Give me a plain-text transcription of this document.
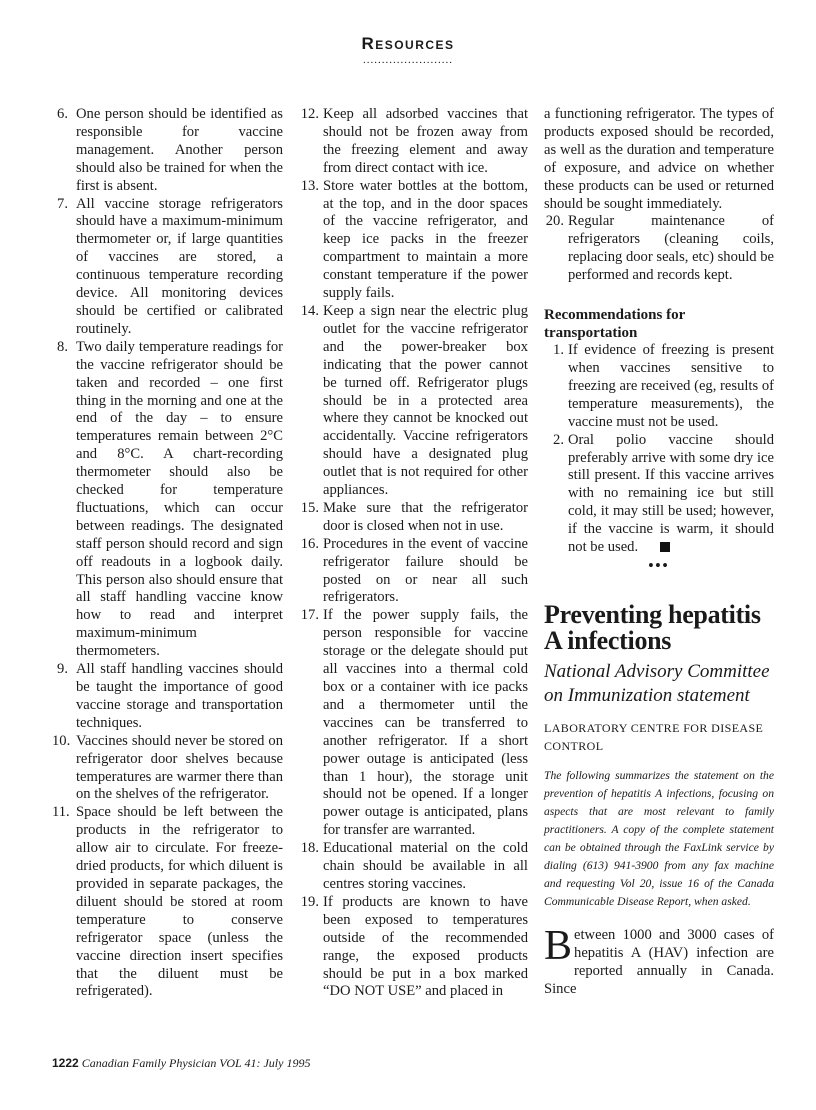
Resources
........................
6. One person should be identified as responsible for vaccine management. Another person should also be trained for when the first is absent.
7. All vaccine storage refrigerators should have a maximum-minimum thermometer or, if large quantities of vaccines are stored, a continuous temperature recording device. All monitoring devices should be certified or calibrated routinely.
8. Two daily temperature readings for the vaccine refrigerator should be taken and recorded – one first thing in the morning and one at the end of the day – to ensure temperatures remain between 2°C and 8°C. A chart-recording thermometer should also be checked for temperature fluctuations, which can occur between readings. The designated staff person should record and sign off readouts in a logbook daily. This person also should ensure that all staff handling vaccine know how to read and interpret maximum-minimum thermometers.
9. All staff handling vaccines should be taught the importance of good vaccine storage and transportation techniques.
10. Vaccines should never be stored on refrigerator door shelves because temperatures are warmer there than on the shelves of the refrigerator.
11. Space should be left between the products in the refrigerator to allow air to circulate. For freeze-dried products, for which diluent is provided in separate packages, the diluent should be stored at room temperature to conserve refrigerator space (unless the vaccine direction insert specifies that the diluent must be refrigerated).
12. Keep all adsorbed vaccines that should not be frozen away from the freezing element and away from direct contact with ice.
13. Store water bottles at the bottom, at the top, and in the door spaces of the vaccine refrigerator, and keep ice packs in the freezer compartment to maintain a more constant temperature if the power supply fails.
14. Keep a sign near the electric plug outlet for the vaccine refrigerator and the power-breaker box indicating that the power cannot be turned off. Refrigerator plugs should be in a protected area where they cannot be knocked out accidentally. Vaccine refrigerators should have a designated plug outlet that is not required for other appliances.
15. Make sure that the refrigerator door is closed when not in use.
16. Procedures in the event of vaccine refrigerator failure should be posted on or near all such refrigerators.
17. If the power supply fails, the person responsible for vaccine storage or the delegate should put all vaccines into a thermal cold box or a container with ice packs and a thermometer until the vaccines can be transferred to another refrigerator. If a short power outage is anticipated (less than 1 hour), the storage unit should not be opened. If a longer power outage is anticipated, plans for transfer are warranted.
18. Educational material on the cold chain should be available in all centres storing vaccines.
19. If products are known to have been exposed to temperatures outside of the recommended range, the exposed products should be put in a box marked “DO NOT USE” and placed in
a functioning refrigerator. The types of products exposed should be recorded, as well as the duration and temperature of exposure, and advice on whether these products can be used or returned should be sought immediately.
20. Regular maintenance of refrigerators (cleaning coils, replacing door seals, etc) should be performed and records kept.
Recommendations for transportation
1. If evidence of freezing is present when vaccines sensitive to freezing are received (eg, results of temperature measurements), the vaccine must not be used.
2. Oral polio vaccine should preferably arrive with some dry ice still present. If this vaccine arrives with no remaining ice but still cold, it may still be used; however, if the vaccine is warm, it should not be used.
•••
Preventing hepatitis A infections
National Advisory Committee on Immunization statement
LABORATORY CENTRE FOR DISEASE CONTROL
The following summarizes the statement on the prevention of hepatitis A infections, focusing on aspects that are most relevant to family practitioners. A copy of the complete statement can be obtained through the FaxLink service by dialing (613) 941-3900 from any fax machine and requesting Vol 20, issue 16 of the Canada Communicable Disease Report, when asked.
Between 1000 and 3000 cases of hepatitis A (HAV) infection are reported annually in Canada. Since
1222 Canadian Family Physician VOL 41: July 1995
